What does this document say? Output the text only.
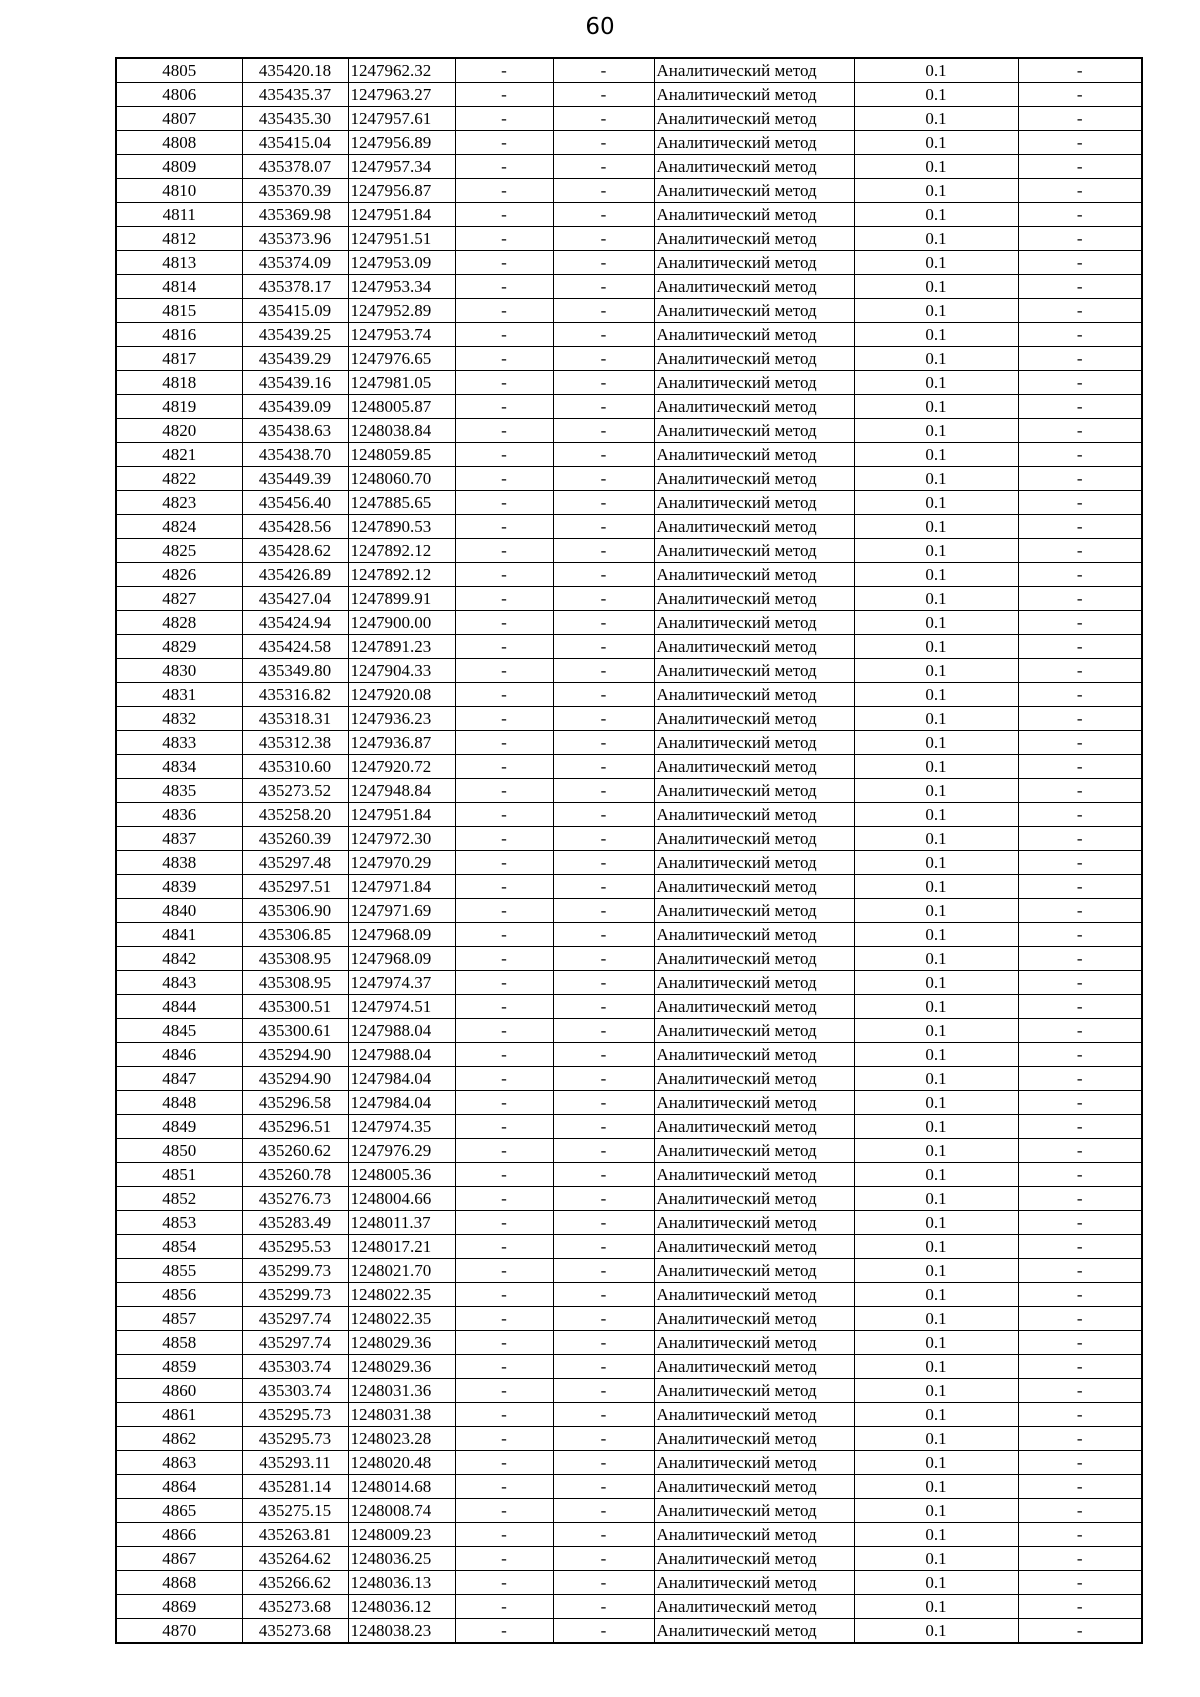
60
4805	435420.18	1247962.32	-	-	Аналитический метод	0.1	-
4806	435435.37	1247963.27	-	-	Аналитический метод	0.1	-
4807	435435.30	1247957.61	-	-	Аналитический метод	0.1	-
4808	435415.04	1247956.89	-	-	Аналитический метод	0.1	-
4809	435378.07	1247957.34	-	-	Аналитический метод	0.1	-
4810	435370.39	1247956.87	-	-	Аналитический метод	0.1	-
4811	435369.98	1247951.84	-	-	Аналитический метод	0.1	-
4812	435373.96	1247951.51	-	-	Аналитический метод	0.1	-
4813	435374.09	1247953.09	-	-	Аналитический метод	0.1	-
4814	435378.17	1247953.34	-	-	Аналитический метод	0.1	-
4815	435415.09	1247952.89	-	-	Аналитический метод	0.1	-
4816	435439.25	1247953.74	-	-	Аналитический метод	0.1	-
4817	435439.29	1247976.65	-	-	Аналитический метод	0.1	-
4818	435439.16	1247981.05	-	-	Аналитический метод	0.1	-
4819	435439.09	1248005.87	-	-	Аналитический метод	0.1	-
4820	435438.63	1248038.84	-	-	Аналитический метод	0.1	-
4821	435438.70	1248059.85	-	-	Аналитический метод	0.1	-
4822	435449.39	1248060.70	-	-	Аналитический метод	0.1	-
4823	435456.40	1247885.65	-	-	Аналитический метод	0.1	-
4824	435428.56	1247890.53	-	-	Аналитический метод	0.1	-
4825	435428.62	1247892.12	-	-	Аналитический метод	0.1	-
4826	435426.89	1247892.12	-	-	Аналитический метод	0.1	-
4827	435427.04	1247899.91	-	-	Аналитический метод	0.1	-
4828	435424.94	1247900.00	-	-	Аналитический метод	0.1	-
4829	435424.58	1247891.23	-	-	Аналитический метод	0.1	-
4830	435349.80	1247904.33	-	-	Аналитический метод	0.1	-
4831	435316.82	1247920.08	-	-	Аналитический метод	0.1	-
4832	435318.31	1247936.23	-	-	Аналитический метод	0.1	-
4833	435312.38	1247936.87	-	-	Аналитический метод	0.1	-
4834	435310.60	1247920.72	-	-	Аналитический метод	0.1	-
4835	435273.52	1247948.84	-	-	Аналитический метод	0.1	-
4836	435258.20	1247951.84	-	-	Аналитический метод	0.1	-
4837	435260.39	1247972.30	-	-	Аналитический метод	0.1	-
4838	435297.48	1247970.29	-	-	Аналитический метод	0.1	-
4839	435297.51	1247971.84	-	-	Аналитический метод	0.1	-
4840	435306.90	1247971.69	-	-	Аналитический метод	0.1	-
4841	435306.85	1247968.09	-	-	Аналитический метод	0.1	-
4842	435308.95	1247968.09	-	-	Аналитический метод	0.1	-
4843	435308.95	1247974.37	-	-	Аналитический метод	0.1	-
4844	435300.51	1247974.51	-	-	Аналитический метод	0.1	-
4845	435300.61	1247988.04	-	-	Аналитический метод	0.1	-
4846	435294.90	1247988.04	-	-	Аналитический метод	0.1	-
4847	435294.90	1247984.04	-	-	Аналитический метод	0.1	-
4848	435296.58	1247984.04	-	-	Аналитический метод	0.1	-
4849	435296.51	1247974.35	-	-	Аналитический метод	0.1	-
4850	435260.62	1247976.29	-	-	Аналитический метод	0.1	-
4851	435260.78	1248005.36	-	-	Аналитический метод	0.1	-
4852	435276.73	1248004.66	-	-	Аналитический метод	0.1	-
4853	435283.49	1248011.37	-	-	Аналитический метод	0.1	-
4854	435295.53	1248017.21	-	-	Аналитический метод	0.1	-
4855	435299.73	1248021.70	-	-	Аналитический метод	0.1	-
4856	435299.73	1248022.35	-	-	Аналитический метод	0.1	-
4857	435297.74	1248022.35	-	-	Аналитический метод	0.1	-
4858	435297.74	1248029.36	-	-	Аналитический метод	0.1	-
4859	435303.74	1248029.36	-	-	Аналитический метод	0.1	-
4860	435303.74	1248031.36	-	-	Аналитический метод	0.1	-
4861	435295.73	1248031.38	-	-	Аналитический метод	0.1	-
4862	435295.73	1248023.28	-	-	Аналитический метод	0.1	-
4863	435293.11	1248020.48	-	-	Аналитический метод	0.1	-
4864	435281.14	1248014.68	-	-	Аналитический метод	0.1	-
4865	435275.15	1248008.74	-	-	Аналитический метод	0.1	-
4866	435263.81	1248009.23	-	-	Аналитический метод	0.1	-
4867	435264.62	1248036.25	-	-	Аналитический метод	0.1	-
4868	435266.62	1248036.13	-	-	Аналитический метод	0.1	-
4869	435273.68	1248036.12	-	-	Аналитический метод	0.1	-
4870	435273.68	1248038.23	-	-	Аналитический метод	0.1	-
